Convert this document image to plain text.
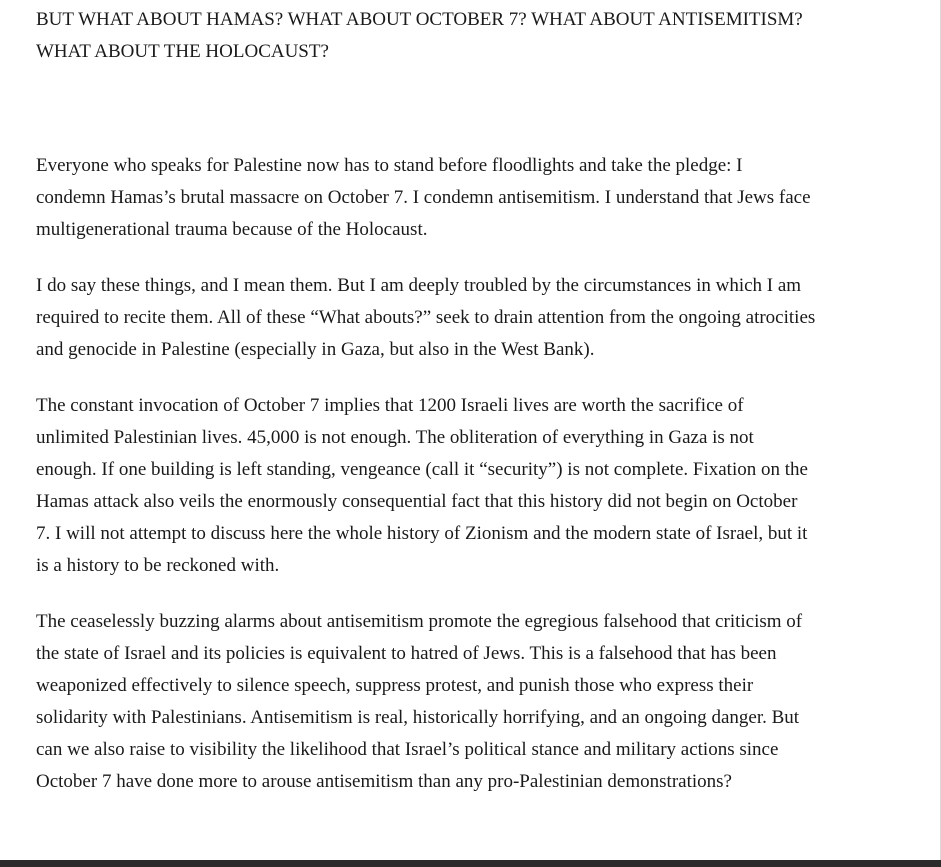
BUT WHAT ABOUT HAMAS? WHAT ABOUT OCTOBER 7? WHAT ABOUT ANTISEMITISM?
WHAT ABOUT THE HOLOCAUST?

Everyone who speaks for Palestine now has to stand before floodlights and take the pledge: I condemn Hamas’s brutal massacre on October 7. I condemn antisemitism. I understand that Jews face multigenerational trauma because of the Holocaust.

I do say these things, and I mean them. But I am deeply troubled by the circumstances in which I am required to recite them. All of these “What abouts?” seek to drain attention from the ongoing atrocities and genocide in Palestine (especially in Gaza, but also in the West Bank).

The constant invocation of October 7 implies that 1200 Israeli lives are worth the sacrifice of unlimited Palestinian lives. 45,000 is not enough. The obliteration of everything in Gaza is not enough. If one building is left standing, vengeance (call it “security”) is not complete. Fixation on the Hamas attack also veils the enormously consequential fact that this history did not begin on October 7. I will not attempt to discuss here the whole history of Zionism and the modern state of Israel, but it is a history to be reckoned with.

The ceaselessly buzzing alarms about antisemitism promote the egregious falsehood that criticism of the state of Israel and its policies is equivalent to hatred of Jews. This is a falsehood that has been weaponized effectively to silence speech, suppress protest, and punish those who express their solidarity with Palestinians. Antisemitism is real, historically horrifying, and an ongoing danger. But can we also raise to visibility the likelihood that Israel’s political stance and military actions since October 7 have done more to arouse antisemitism than any pro-Palestinian demonstrations?
